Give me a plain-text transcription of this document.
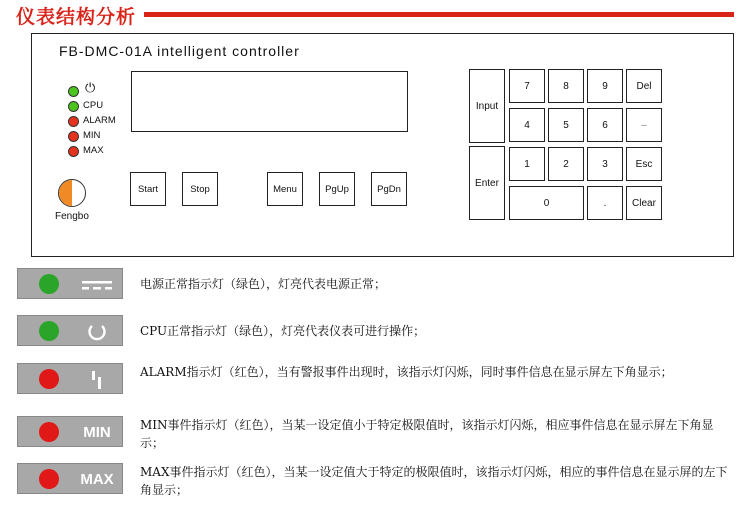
仪表结构分析
FB-DMC-01A intelligent controller
⏻
CPU
ALARM
MIN
MAX
Fengbo
Start	Stop	Menu	PgUp	PgDn
Input
Enter
7	8	9	Del
4	5	6	–
1	2	3	Esc
0	.	Clear
电源正常指示灯（绿色），灯亮代表电源正常；
CPU正常指示灯（绿色），灯亮代表仪表可进行操作；
ALARM指示灯（红色），当有警报事件出现时，该指示灯闪烁，同时事件信息在显示屏左下角显示；
MIN	MIN事件指示灯（红色），当某一设定值小于特定极限值时，该指示灯闪烁，相应事件信息在显示屏左下角显示；
MAX	MAX事件指示灯（红色），当某一设定值大于特定的极限值时，该指示灯闪烁，相应的事件信息在显示屏的左下角显示；
